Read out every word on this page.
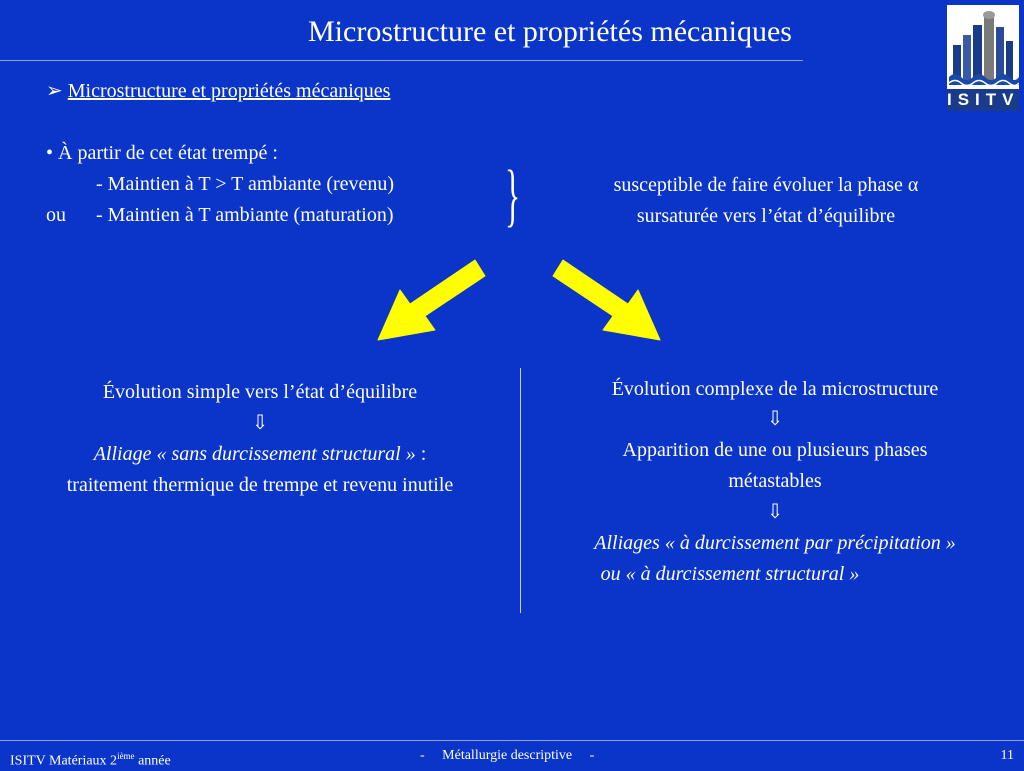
Microstructure et propriétés mécaniques
ISITV
➢ Microstructure et propriétés mécaniques
• À partir de cet état trempé :
- Maintien à T > T ambiante (revenu)
ou - Maintien à T ambiante (maturation) }	susceptible de faire évoluer la phase α
sursaturée vers l’état d’équilibre
Évolution simple vers l’état d’équilibre
⇩
Alliage « sans durcissement structural » :
traitement thermique de trempe et revenu inutile
Évolution complexe de la microstructure
⇩
Apparition de une ou plusieurs phases
métastables
⇩
Alliages « à durcissement par précipitation »
ou « à durcissement structural »
ISITV Matériaux 2ième année	-     Métallurgie descriptive     -	11
